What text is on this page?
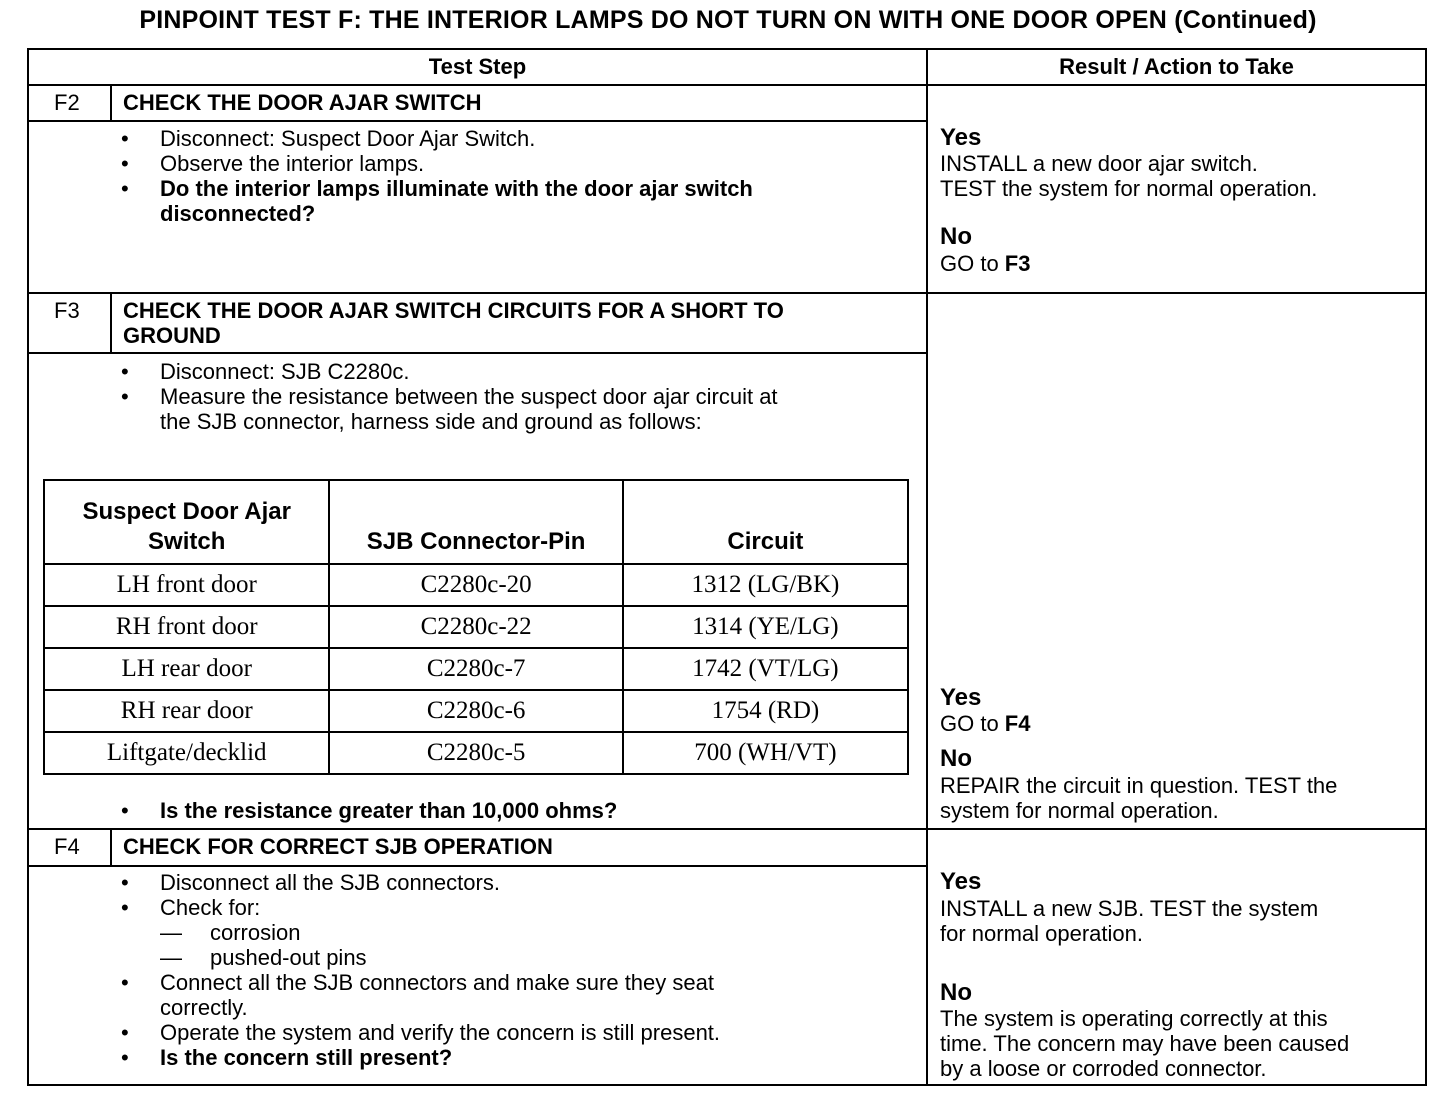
PINPOINT TEST F: THE INTERIOR LAMPS DO NOT TURN ON WITH ONE DOOR OPEN (Continued)
Test Step	Result / Action to Take
F2 CHECK THE DOOR AJAR SWITCH
• Disconnect: Suspect Door Ajar Switch.
• Observe the interior lamps.
• Do the interior lamps illuminate with the door ajar switch
disconnected?
Yes
INSTALL a new door ajar switch.
TEST the system for normal operation.
No
GO to F3
F3 CHECK THE DOOR AJAR SWITCH CIRCUITS FOR A SHORT TO
GROUND
• Disconnect: SJB C2280c.
• Measure the resistance between the suspect door ajar circuit at
the SJB connector, harness side and ground as follows:
Suspect Door Ajar
Switch	SJB Connector-Pin	Circuit
LH front door	C2280c-20	1312 (LG/BK)
RH front door	C2280c-22	1314 (YE/LG)
LH rear door	C2280c-7	1742 (VT/LG)
RH rear door	C2280c-6	1754 (RD)
Liftgate/decklid	C2280c-5	700 (WH/VT)
• Is the resistance greater than 10,000 ohms?
Yes
GO to F4
No
REPAIR the circuit in question. TEST the
system for normal operation.
F4 CHECK FOR CORRECT SJB OPERATION
• Disconnect all the SJB connectors.
• Check for:
— corrosion
— pushed-out pins
• Connect all the SJB connectors and make sure they seat
correctly.
• Operate the system and verify the concern is still present.
• Is the concern still present?
Yes
INSTALL a new SJB. TEST the system
for normal operation.
No
The system is operating correctly at this
time. The concern may have been caused
by a loose or corroded connector.
